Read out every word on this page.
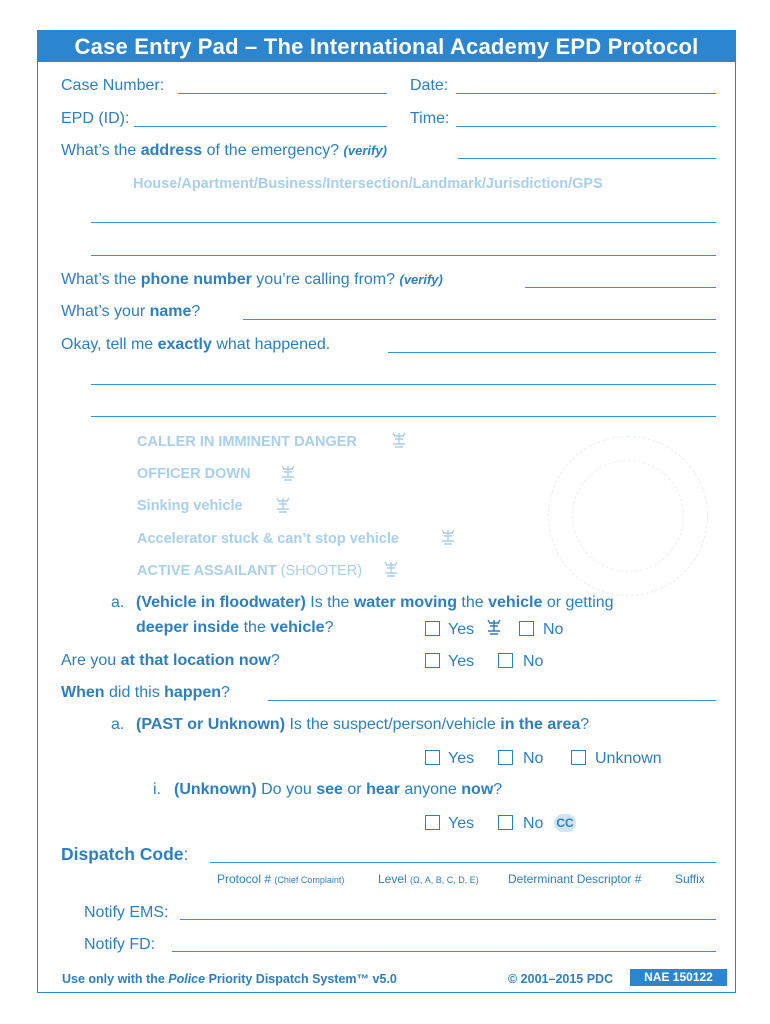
Case Entry Pad – The International Academy EPD Protocol
Case Number:	Date:
EPD (ID):	Time:
What’s the address of the emergency? (verify)
House/Apartment/Business/Intersection/Landmark/Jurisdiction/GPS
What’s the phone number you’re calling from? (verify)
What’s your name?
Okay, tell me exactly what happened.
CALLER IN IMMINENT DANGER
OFFICER DOWN
Sinking vehicle
Accelerator stuck & can’t stop vehicle
ACTIVE ASSAILANT (SHOOTER)
a. (Vehicle in floodwater) Is the water moving the vehicle or getting
deeper inside the vehicle?	Yes	No
Are you at that location now?	Yes	No
When did this happen?
a. (PAST or Unknown) Is the suspect/person/vehicle in the area?
Yes	No	Unknown
i. (Unknown) Do you see or hear anyone now?
Yes	No CC
Dispatch Code:
Protocol # (Chief Complaint)	Level (Ω, A, B, C, D, E) Determinant Descriptor #	Suffix
Notify EMS:
Notify FD:
Use only with the Police Priority Dispatch System™ v5.0	© 2001–2015 PDC	NAE 150122
